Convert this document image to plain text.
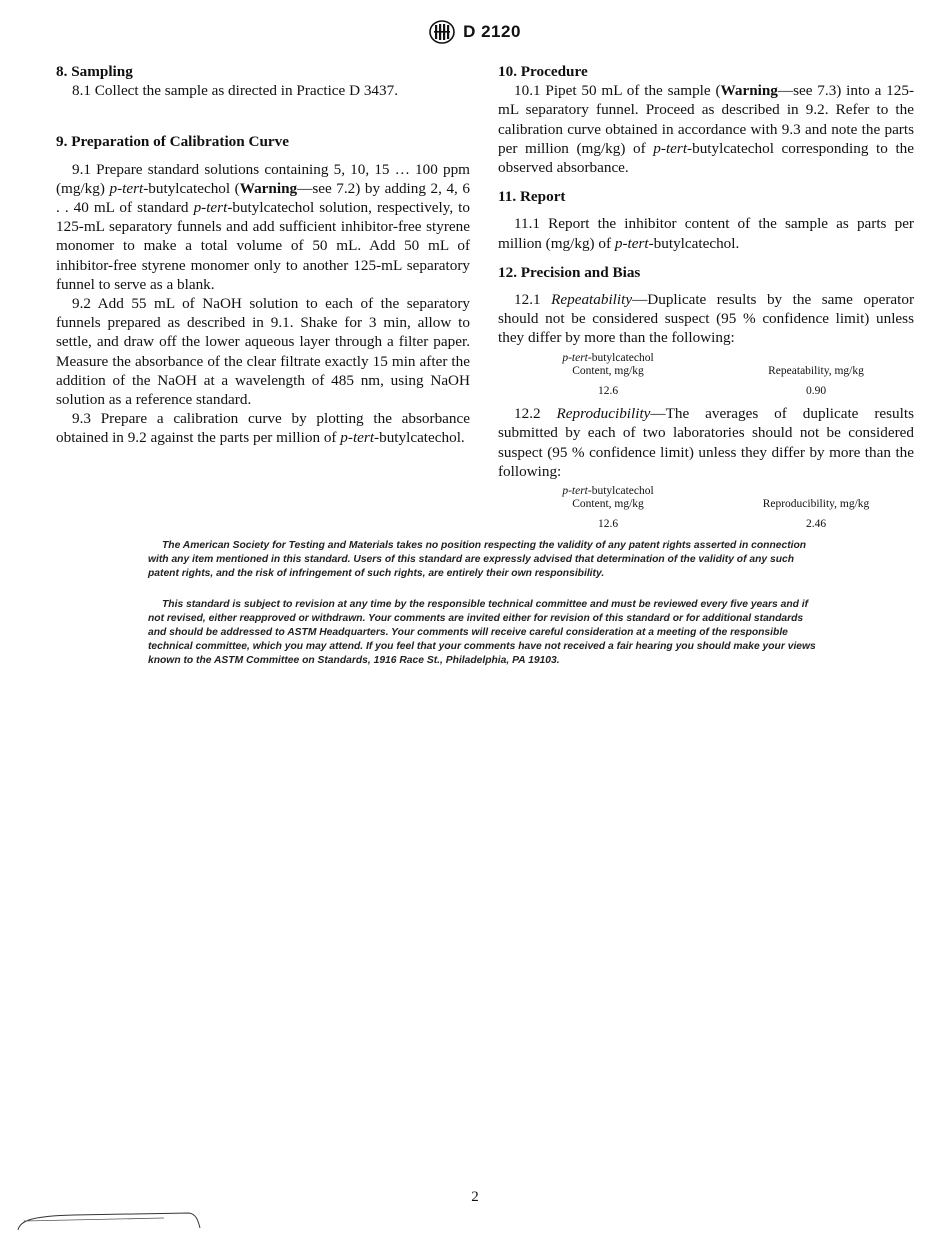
D 2120
8. Sampling

8.1 Collect the sample as directed in Practice D 3437.

9. Preparation of Calibration Curve

9.1 Prepare standard solutions containing 5, 10, 15 … 100 ppm (mg/kg) p-tert-butylcatechol (Warning—see 7.2) by adding 2, 4, 6 . . 40 mL of standard p-tert-butylcatechol solution, respectively, to 125-mL separatory funnels and add sufficient inhibitor-free styrene monomer to make a total volume of 50 mL. Add 50 mL of inhibitor-free styrene monomer only to another 125-mL separatory funnel to serve as a blank.

9.2 Add 55 mL of NaOH solution to each of the separatory funnels prepared as described in 9.1. Shake for 3 min, allow to settle, and draw off the lower aqueous layer through a filter paper. Measure the absorbance of the clear filtrate exactly 15 min after the addition of the NaOH at a wavelength of 485 nm, using NaOH solution as a reference standard.

9.3 Prepare a calibration curve by plotting the absorbance obtained in 9.2 against the parts per million of p-tert-butylcatechol.

10. Procedure

10.1 Pipet 50 mL of the sample (Warning—see 7.3) into a 125-mL separatory funnel. Proceed as described in 9.2. Refer to the calibration curve obtained in accordance with 9.3 and note the parts per million (mg/kg) of p-tert-butylcatechol corresponding to the observed absorbance.

11. Report

11.1 Report the inhibitor content of the sample as parts per million (mg/kg) of p-tert-butylcatechol.

12. Precision and Bias

12.1 Repeatability—Duplicate results by the same operator should not be considered suspect (95 % confidence limit) unless they differ by more than the following:

p-tert-butylcatechol
Content, mg/kg	Repeatability, mg/kg
12.6	0.90

12.2 Reproducibility—The averages of duplicate results submitted by each of two laboratories should not be considered suspect (95 % confidence limit) unless they differ by more than the following:

p-tert-butylcatechol
Content, mg/kg	Reproducibility, mg/kg
12.6	2.46

The American Society for Testing and Materials takes no position respecting the validity of any patent rights asserted in connection with any item mentioned in this standard. Users of this standard are expressly advised that determination of the validity of any such patent rights, and the risk of infringement of such rights, are entirely their own responsibility.

This standard is subject to revision at any time by the responsible technical committee and must be reviewed every five years and if not revised, either reapproved or withdrawn. Your comments are invited either for revision of this standard or for additional standards and should be addressed to ASTM Headquarters. Your comments will receive careful consideration at a meeting of the responsible technical committee, which you may attend. If you feel that your comments have not received a fair hearing you should make your views known to the ASTM Committee on Standards, 1916 Race St., Philadelphia, PA 19103.

2
